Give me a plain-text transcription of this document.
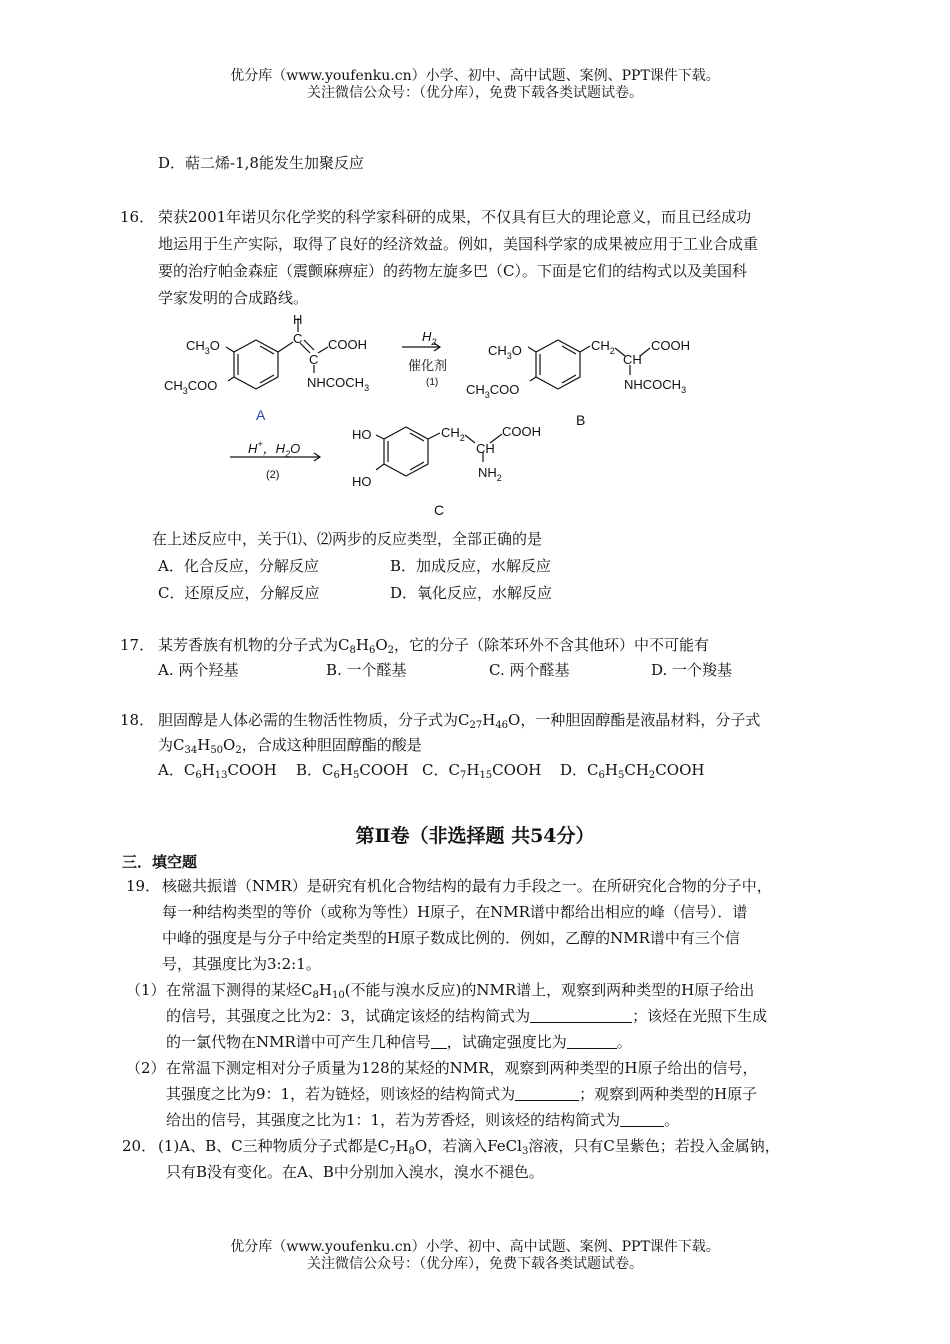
优分库（www.youfenku.cn）小学、初中、高中试题、案例、PPT课件下载。
关注微信公众号：（优分库），免费下载各类试题试卷。
D．萜二烯-1,8能发生加聚反应
16． 荣获2001年诺贝尔化学奖的科学家科研的成果，不仅具有巨大的理论意义，而且已经成功
地运用于生产实际，取得了良好的经济效益。例如，美国科学家的成果被应用于工业合成重
要的治疗帕金森症（震颤麻痹症）的药物左旋多巴（C）。下面是它们的结构式以及美国科
学家发明的合成路线。
H
C
C
$CH_3O$
$CH_3COO$
COOH
$NHCOCH_3$
A
$H_2$
催化剂
(1)
$CH_3O$
$CH_3COO$
$CH_2$
CH
COOH
$NHCOCH_3$
B
H+，$H_2O$
(2)
HO
HO
$CH_2$
CH
COOH
$NH_2$
C
在上述反应中，关于⑴、⑵两步的反应类型，全部正确的是
A．化合反应，分解反应	B．加成反应，水解反应
C．还原反应，分解反应	D．氧化反应，水解反应
17． 某芳香族有机物的分子式为$C_8H_6O_2$，它的分子（除苯环外不含其他环）中不可能有
A. 两个羟基	B. 一个醛基	C. 两个醛基	D. 一个羧基
18． 胆固醇是人体必需的生物活性物质，分子式为$C_{27}H_{46}O$，一种胆固醇酯是液晶材料，分子式
为$C_{34}H_{50}O_2$，合成这种胆固醇酯的酸是
A．$C_6H_{13}COOH$ B．$C_6H_5COOH$ C．$C_7H_{15}COOH$ D．$C_6H_5CH_2COOH$
第Ⅱ卷（非选择题 共54分）
三．填空题
19． 核磁共振谱（NMR）是研究有机化合物结构的最有力手段之一。在所研究化合物的分子中，
每一种结构类型的等价（或称为等性）H原子，在NMR谱中都给出相应的峰（信号）．谱
中峰的强度是与分子中给定类型的H原子数成比例的．例如，乙醇的NMR谱中有三个信
号，其强度比为3:2:1。
（1） 在常温下测得的某烃$C_8H_{10}$(不能与溴水反应)的NMR谱上，观察到两种类型的H原子给出
的信号，其强度之比为2：3，试确定该烃的结构简式为	；该烃在光照下生成
的一氯代物在NMR谱中可产生几种信号 ，试确定强度比为	。
（2） 在常温下测定相对分子质量为128的某烃的NMR，观察到两种类型的H原子给出的信号，
其强度之比为9：1，若为链烃，则该烃的结构简式为	；观察到两种类型的H原子
给出的信号，其强度之比为1：1，若为芳香烃，则该烃的结构简式为	。
20． (1)A、B、C三种物质分子式都是$C_7H_8O$，若滴入FeCl$_3$溶液，只有C呈紫色；若投入金属钠，
只有B没有变化。在A、B中分别加入溴水，溴水不褪色。
优分库（www.youfenku.cn）小学、初中、高中试题、案例、PPT课件下载。
关注微信公众号：（优分库），免费下载各类试题试卷。
